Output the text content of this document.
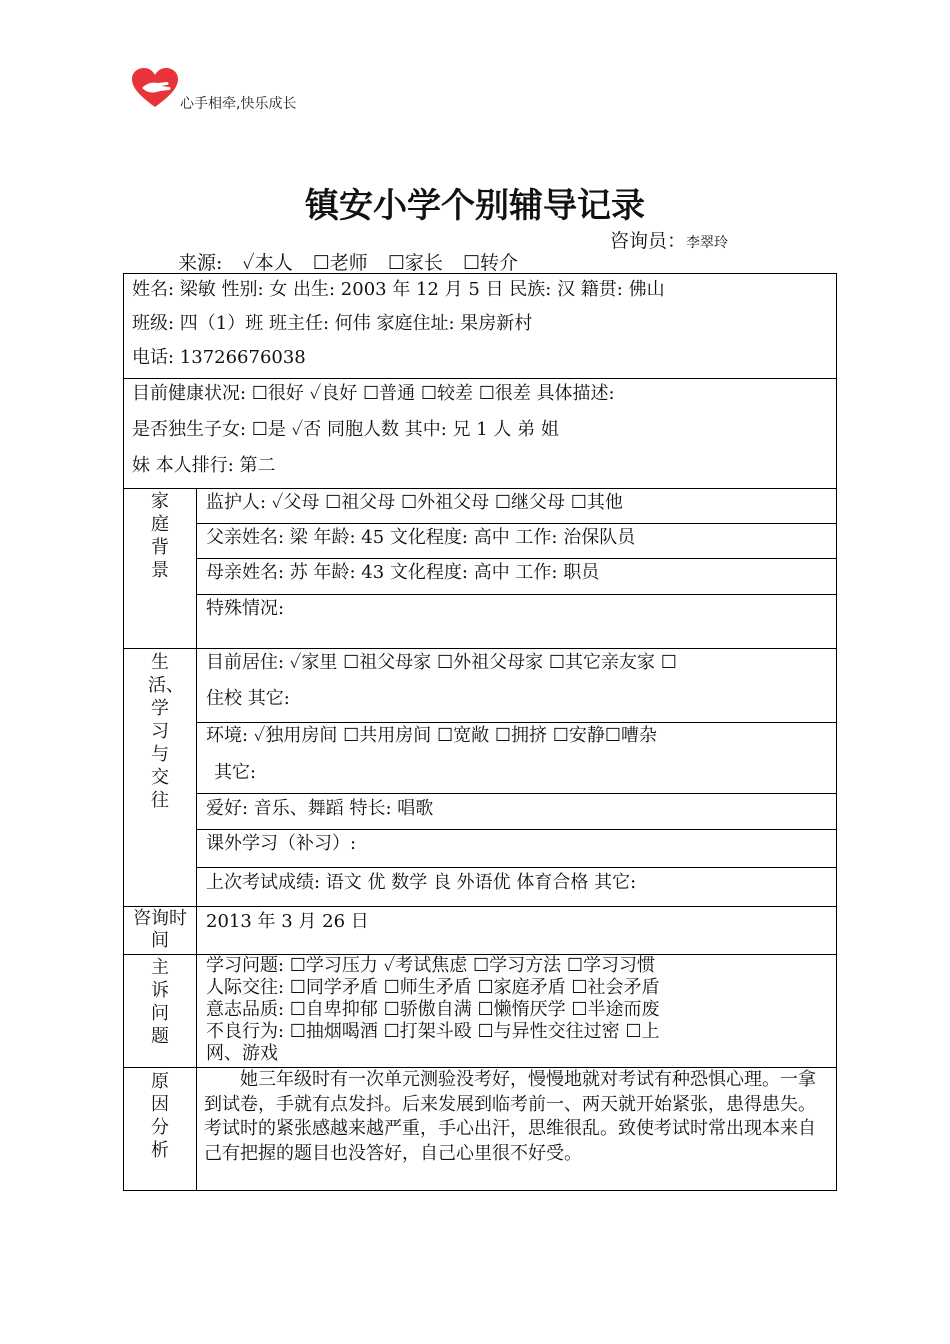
心手相牵,快乐成长
镇安小学个别辅导记录
咨询员：李翠玲
来源: ✓本人 ☐老师 ☐家长 ☐转介
姓名: 梁敏 性别: 女 出生: 2003 年 12 月 5 日 民族: 汉 籍贯: 佛山
班级: 四（1）班 班主任: 何伟 家庭住址: 果房新村
电话: 13726676038
目前健康状况: ☐很好 ✓良好 ☐普通 ☐较差 ☐很差 具体描述:
是否独生子女: ☐是 ✓否 同胞人数 其中: 兄 1 人 弟 姐
妹 本人排行: 第二
家庭背景
监护人: ✓父母 ☐祖父母 ☐外祖父母 ☐继父母 ☐其他
父亲姓名: 梁 年龄: 45 文化程度: 高中 工作: 治保队员
母亲姓名: 苏 年龄: 43 文化程度: 高中 工作: 职员
特殊情况:
生活、学习与交往
目前居住: ✓家里 ☐祖父母家 ☐外祖父母家 ☐其它亲友家 ☐
住校 其它:
环境: ✓独用房间 ☐共用房间 ☐宽敞 ☐拥挤 ☐安静☐嘈杂
其它:
爱好: 音乐、舞蹈 特长: 唱歌
课外学习（补习）:
上次考试成绩: 语文 优 数学 良 外语优 体育合格 其它:
咨询时间
2013 年 3 月 26 日
主诉问题
学习问题: ☐学习压力 ✓考试焦虑 ☐学习方法 ☐学习习惯
人际交往: ☐同学矛盾 ☐师生矛盾 ☐家庭矛盾 ☐社会矛盾
意志品质: ☐自卑抑郁 ☐骄傲自满 ☐懒惰厌学 ☐半途而废
不良行为: ☐抽烟喝酒 ☐打架斗殴 ☐与异性交往过密 ☐上
网、游戏
原因分析
她三年级时有一次单元测验没考好，慢慢地就对考试有种恐惧心理。一拿到试卷，手就有点发抖。后来发展到临考前一、两天就开始紧张，患得患失。考试时的紧张感越来越严重，手心出汗，思维很乱。致使考试时常出现本来自己有把握的题目也没答好，自己心里很不好受。
